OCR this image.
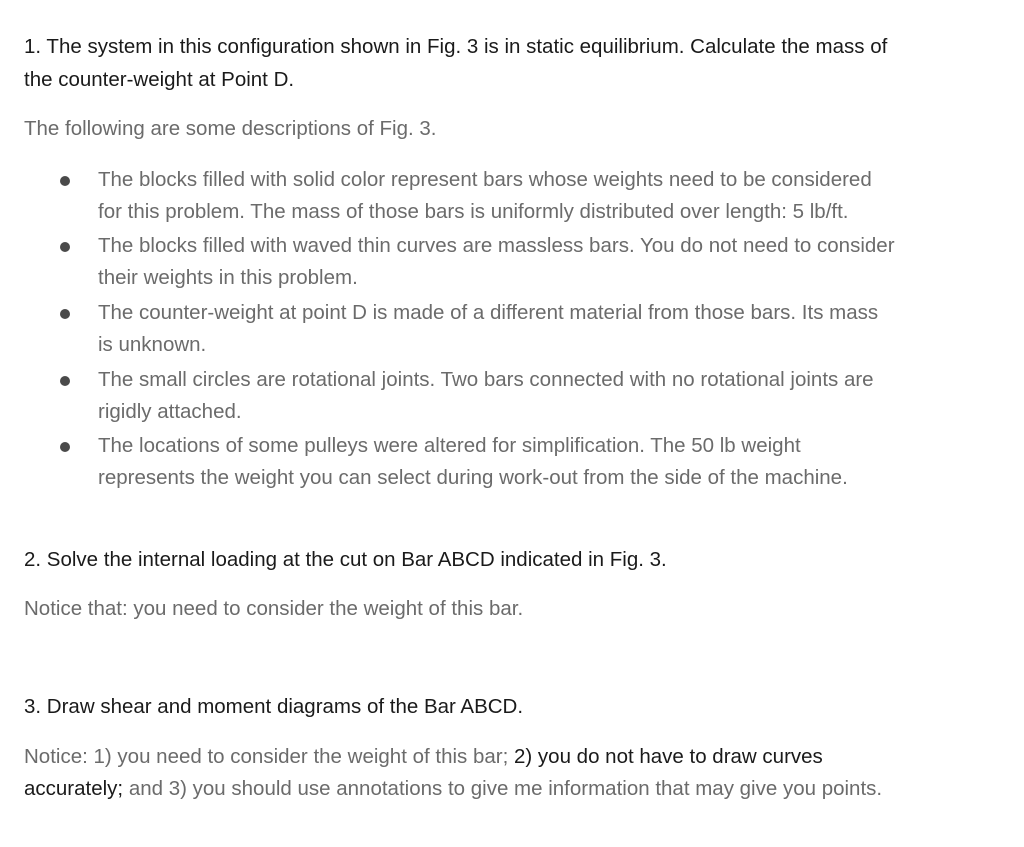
1. The system in this configuration shown in Fig. 3 is in static equilibrium. Calculate the mass of
the counter-weight at Point D.
The following are some descriptions of Fig. 3.
The blocks filled with solid color represent bars whose weights need to be considered
for this problem. The mass of those bars is uniformly distributed over length: 5 lb/ft.
The blocks filled with waved thin curves are massless bars. You do not need to consider
their weights in this problem.
The counter-weight at point D is made of a different material from those bars. Its mass
is unknown.
The small circles are rotational joints. Two bars connected with no rotational joints are
rigidly attached.
The locations of some pulleys were altered for simplification. The 50 lb weight
represents the weight you can select during work-out from the side of the machine.
2. Solve the internal loading at the cut on Bar ABCD indicated in Fig. 3.
Notice that: you need to consider the weight of this bar.
3. Draw shear and moment diagrams of the Bar ABCD.
Notice: 1) you need to consider the weight of this bar; 2) you do not have to draw curves
accurately; and 3) you should use annotations to give me information that may give you points.
